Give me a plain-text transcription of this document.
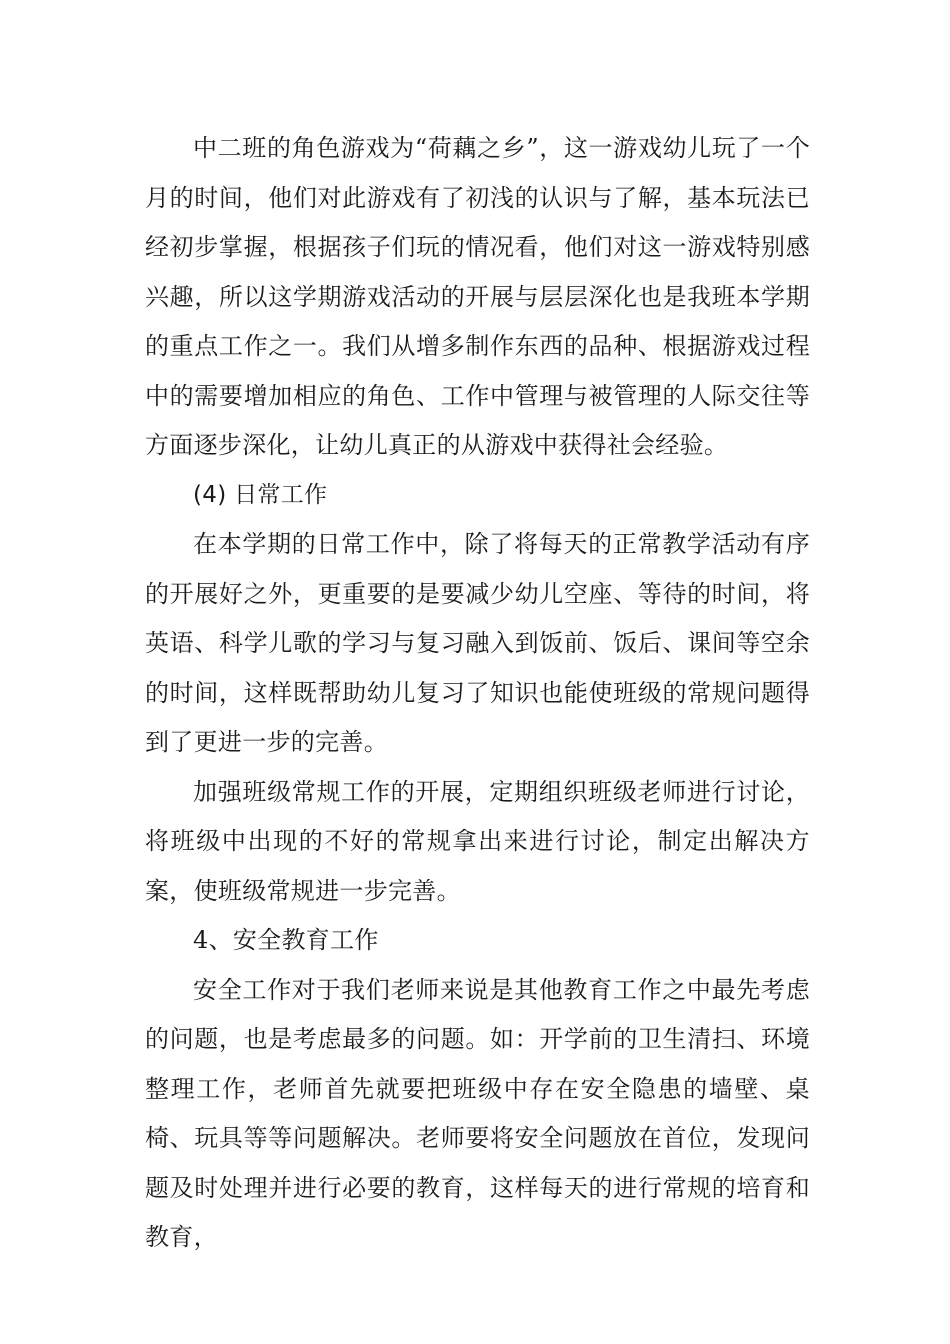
中二班的角色游戏为“荷藕之乡”，这一游戏幼儿玩了一个月的时间，他们对此游戏有了初浅的认识与了解，基本玩法已经初步掌握，根据孩子们玩的情况看，他们对这一游戏特别感兴趣，所以这学期游戏活动的开展与层层深化也是我班本学期的重点工作之一。我们从增多制作东西的品种、根据游戏过程中的需要增加相应的角色、工作中管理与被管理的人际交往等方面逐步深化，让幼儿真正的从游戏中获得社会经验。

(4) 日常工作

在本学期的日常工作中，除了将每天的正常教学活动有序的开展好之外，更重要的是要减少幼儿空座、等待的时间，将英语、科学儿歌的学习与复习融入到饭前、饭后、课间等空余的时间，这样既帮助幼儿复习了知识也能使班级的常规问题得到了更进一步的完善。

加强班级常规工作的开展，定期组织班级老师进行讨论，将班级中出现的不好的常规拿出来进行讨论，制定出解决方案，使班级常规进一步完善。

4、安全教育工作

安全工作对于我们老师来说是其他教育工作之中最先考虑的问题，也是考虑最多的问题。如：开学前的卫生清扫、环境整理工作，老师首先就要把班级中存在安全隐患的墙壁、桌椅、玩具等等问题解决。老师要将安全问题放在首位，发现问题及时处理并进行必要的教育，这样每天的进行常规的培育和教育，
